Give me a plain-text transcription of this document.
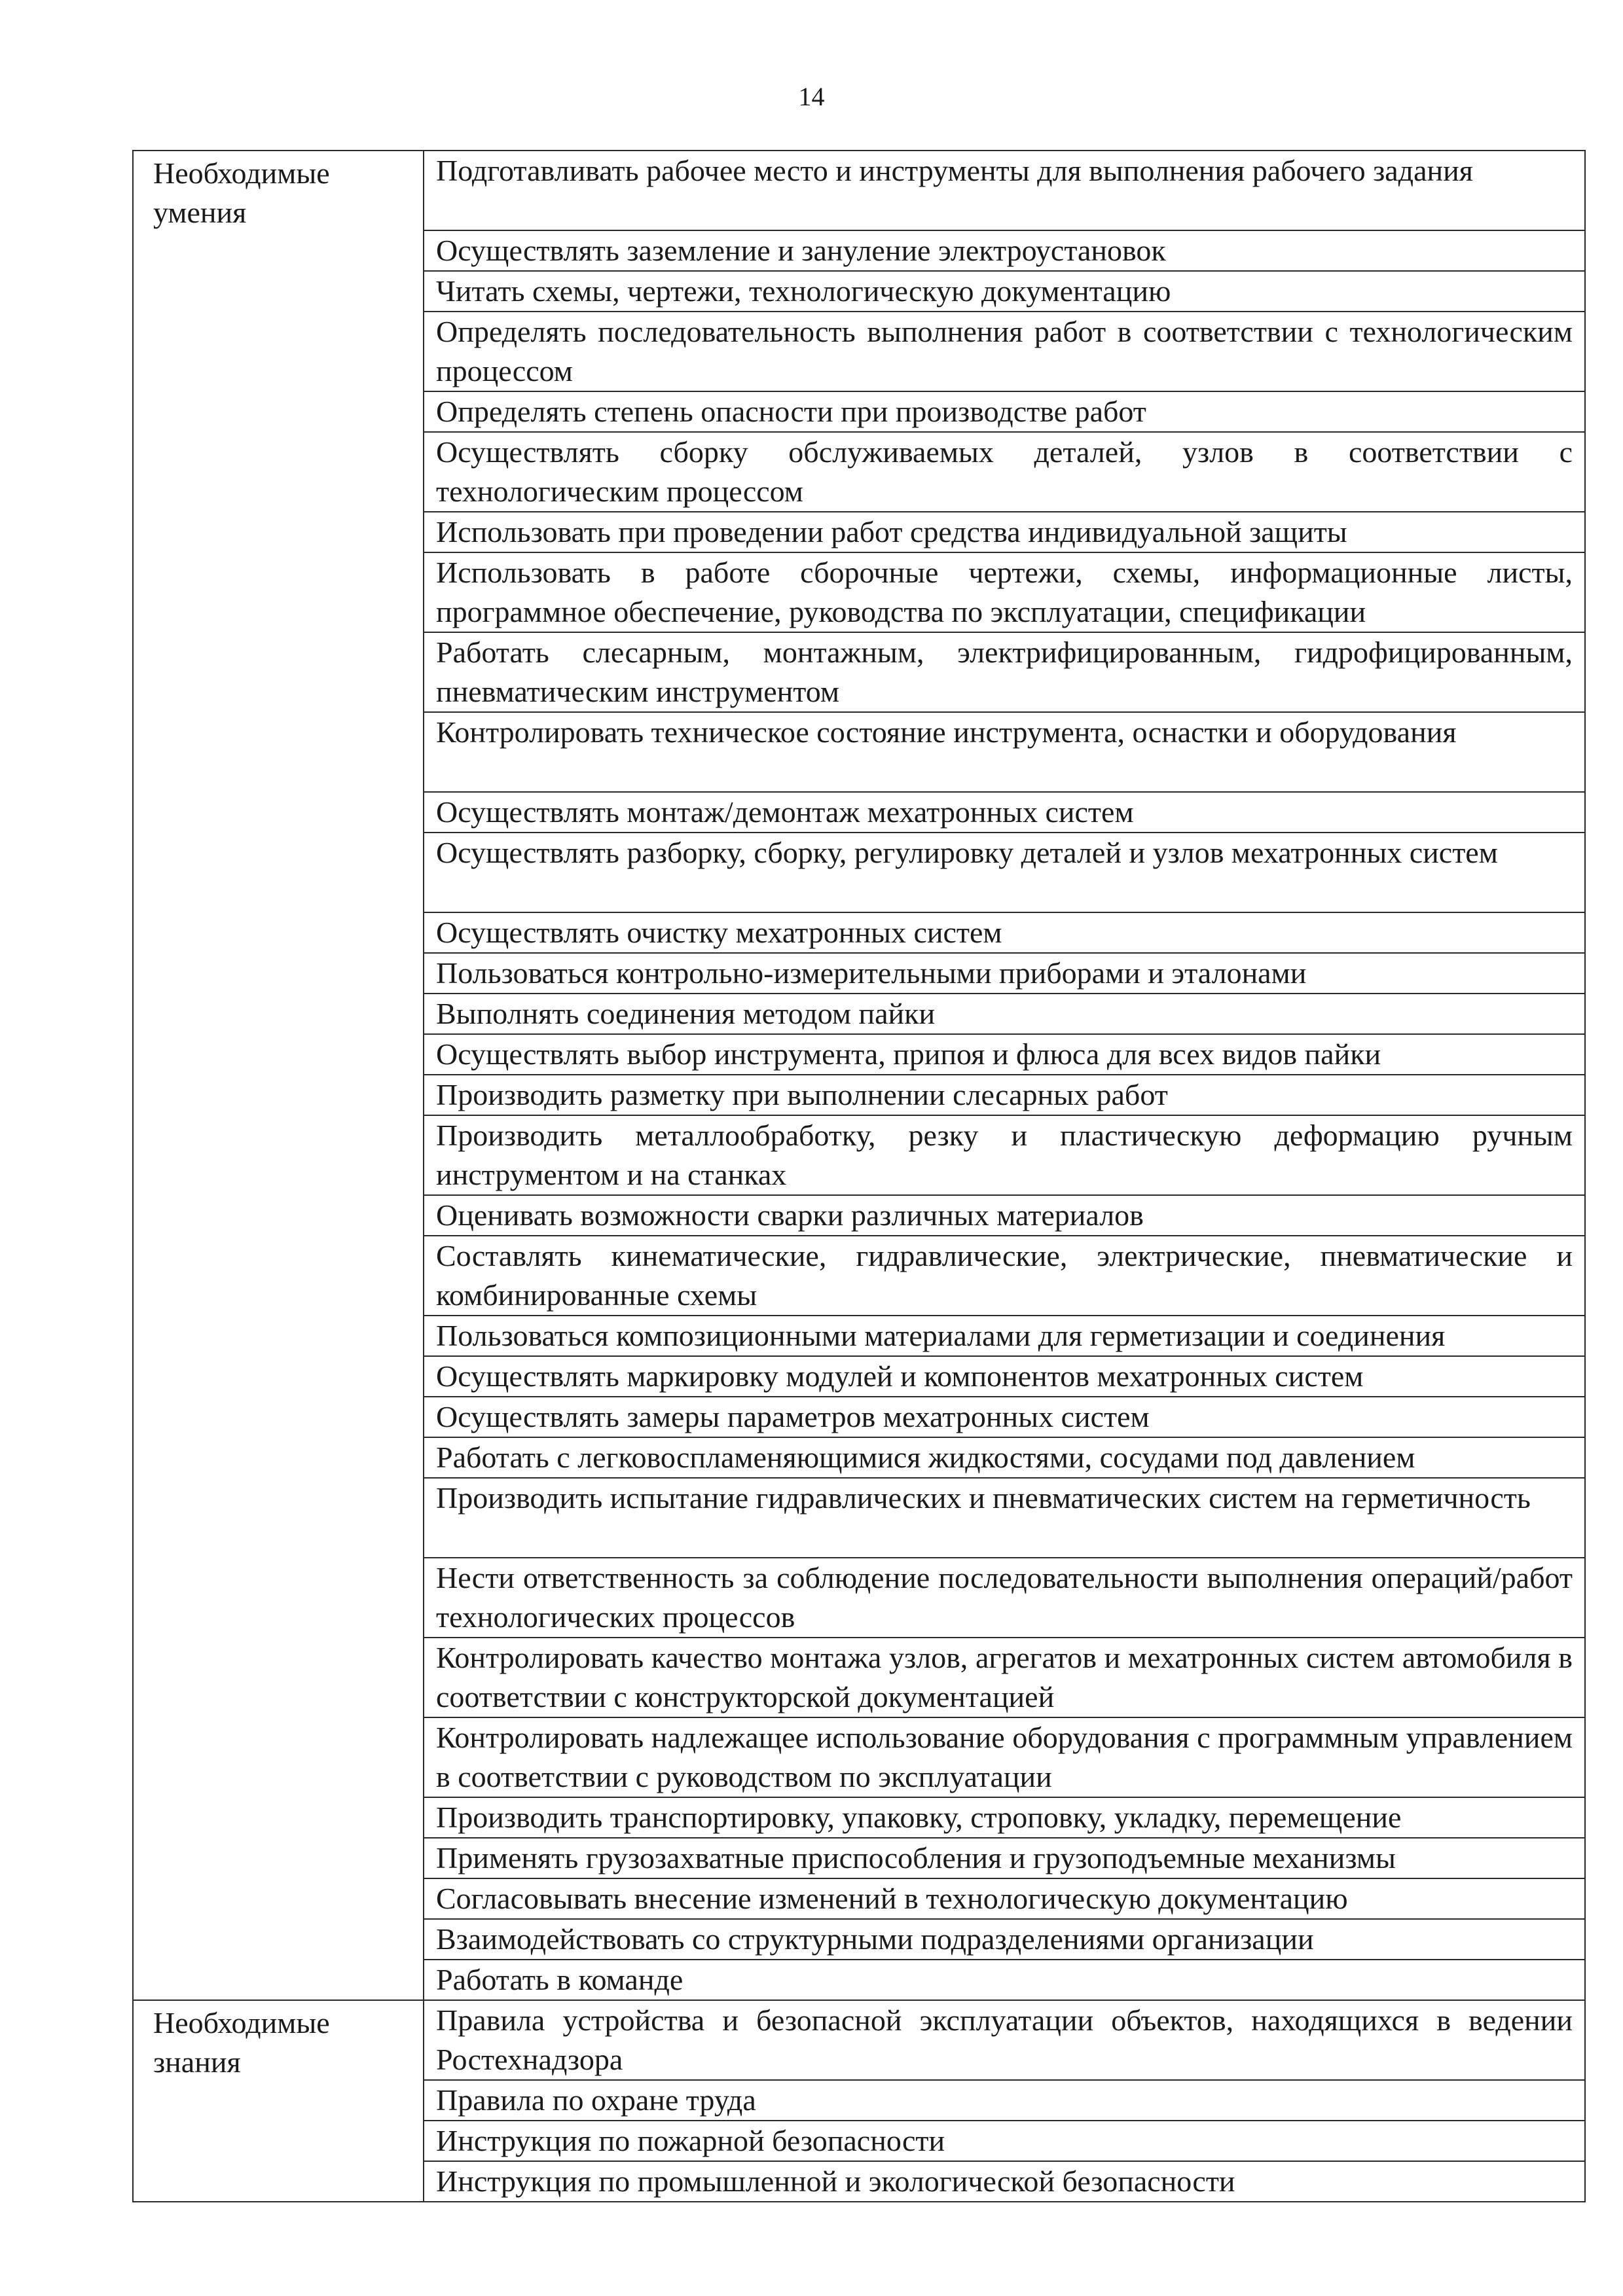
14
Необходимые умения	Подготавливать рабочее место и инструменты для выполнения рабочего задания
	Осуществлять заземление и зануление электроустановок
	Читать схемы, чертежи, технологическую документацию
	Определять последовательность выполнения работ в соответствии с технологическим процессом
	Определять степень опасности при производстве работ
	Осуществлять сборку обслуживаемых деталей, узлов в соответствии с технологическим процессом
	Использовать при проведении работ средства индивидуальной защиты
	Использовать в работе сборочные чертежи, схемы, информационные листы, программное обеспечение, руководства по эксплуатации, спецификации
	Работать слесарным, монтажным, электрифицированным, гидрофицированным, пневматическим инструментом
	Контролировать техническое состояние инструмента, оснастки и оборудования
	Осуществлять монтаж/демонтаж мехатронных систем
	Осуществлять разборку, сборку, регулировку деталей и узлов мехатронных систем
	Осуществлять очистку мехатронных систем
	Пользоваться контрольно-измерительными приборами и эталонами
	Выполнять соединения методом пайки
	Осуществлять выбор инструмента, припоя и флюса для всех видов пайки
	Производить разметку при выполнении слесарных работ
	Производить металлообработку, резку и пластическую деформацию ручным инструментом и на станках
	Оценивать возможности сварки различных материалов
	Составлять кинематические, гидравлические, электрические, пневматические и комбинированные схемы
	Пользоваться композиционными материалами для герметизации и соединения
	Осуществлять маркировку модулей и компонентов мехатронных систем
	Осуществлять замеры параметров мехатронных систем
	Работать с легковоспламеняющимися жидкостями, сосудами под давлением
	Производить испытание гидравлических и пневматических систем на герметичность
	Нести ответственность за соблюдение последовательности выполнения операций/работ технологических процессов
	Контролировать качество монтажа узлов, агрегатов и мехатронных систем автомобиля в соответствии с конструкторской документацией
	Контролировать надлежащее использование оборудования с программным управлением в соответствии с руководством по эксплуатации
	Производить транспортировку, упаковку, строповку, укладку, перемещение
	Применять грузозахватные приспособления и грузоподъемные механизмы
	Согласовывать внесение изменений в технологическую документацию
	Взаимодействовать со структурными подразделениями организации
	Работать в команде
Необходимые знания	Правила устройства и безопасной эксплуатации объектов, находящихся в ведении Ростехнадзора
	Правила по охране труда
	Инструкция по пожарной безопасности
	Инструкция по промышленной и экологической безопасности
